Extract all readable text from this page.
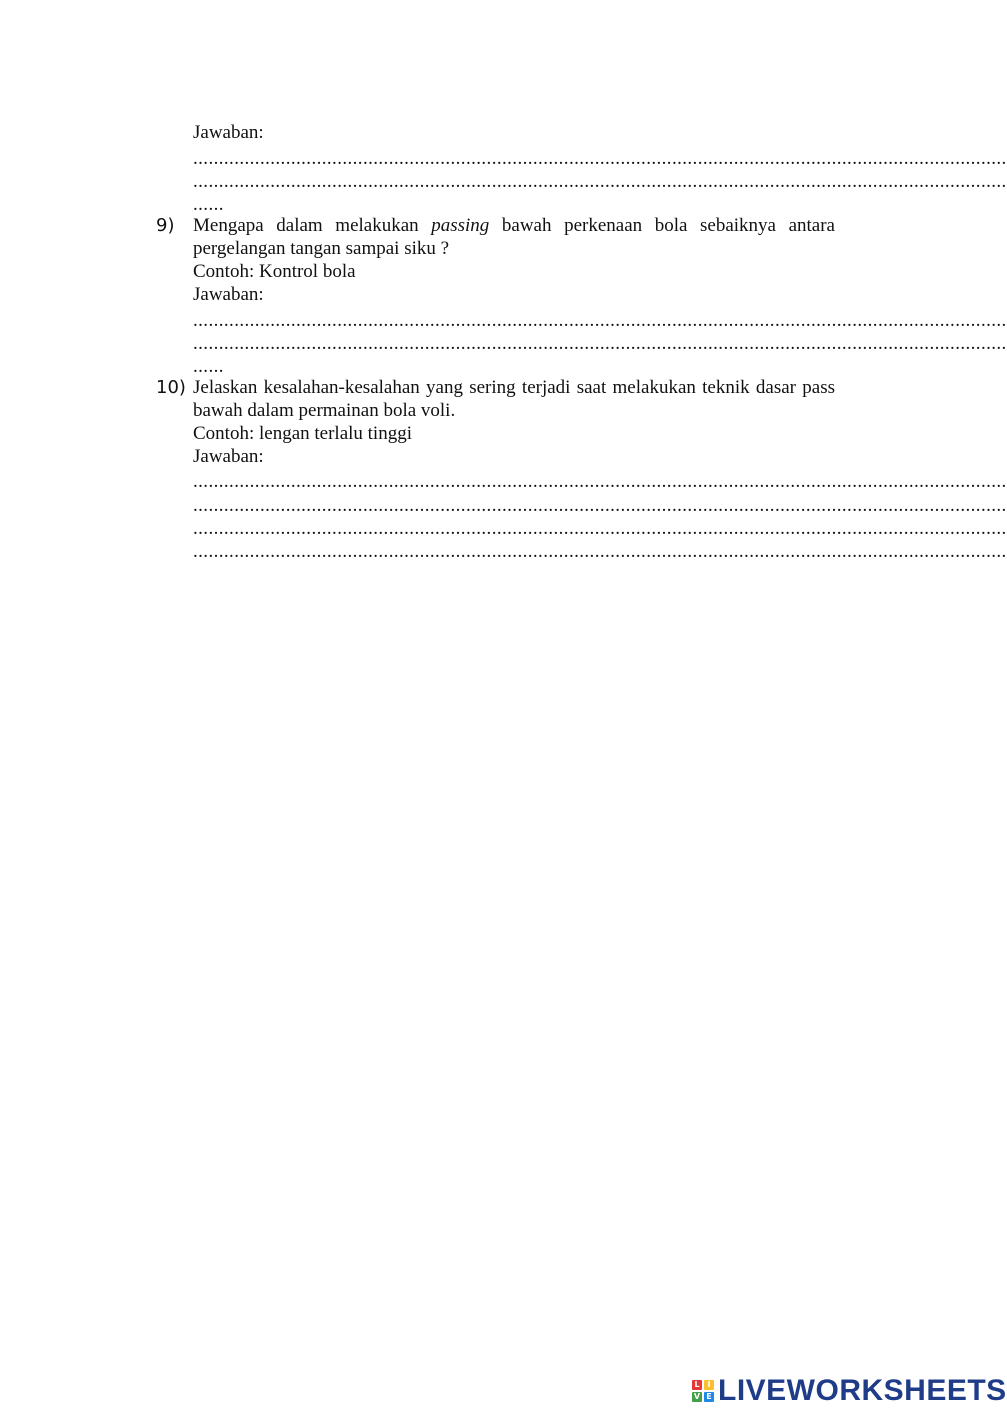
Jawaban:
..............................................................................................................................................................
..............................................................................................................................................................
......
9) Mengapa dalam melakukan passing bawah perkenaan bola sebaiknya antara pergelangan tangan sampai siku ?
Contoh: Kontrol bola
Jawaban:
..............................................................................................................................................................
..............................................................................................................................................................
......
10) Jelaskan kesalahan-kesalahan yang sering terjadi saat melakukan teknik dasar pass bawah dalam permainan bola voli.
Contoh: lengan terlalu tinggi
Jawaban:
..............................................................................................................................................................
..............................................................................................................................................................
..............................................................................................................................................................
..............................................................................................................................................................
L I
V E LIVEWORKSHEETS
